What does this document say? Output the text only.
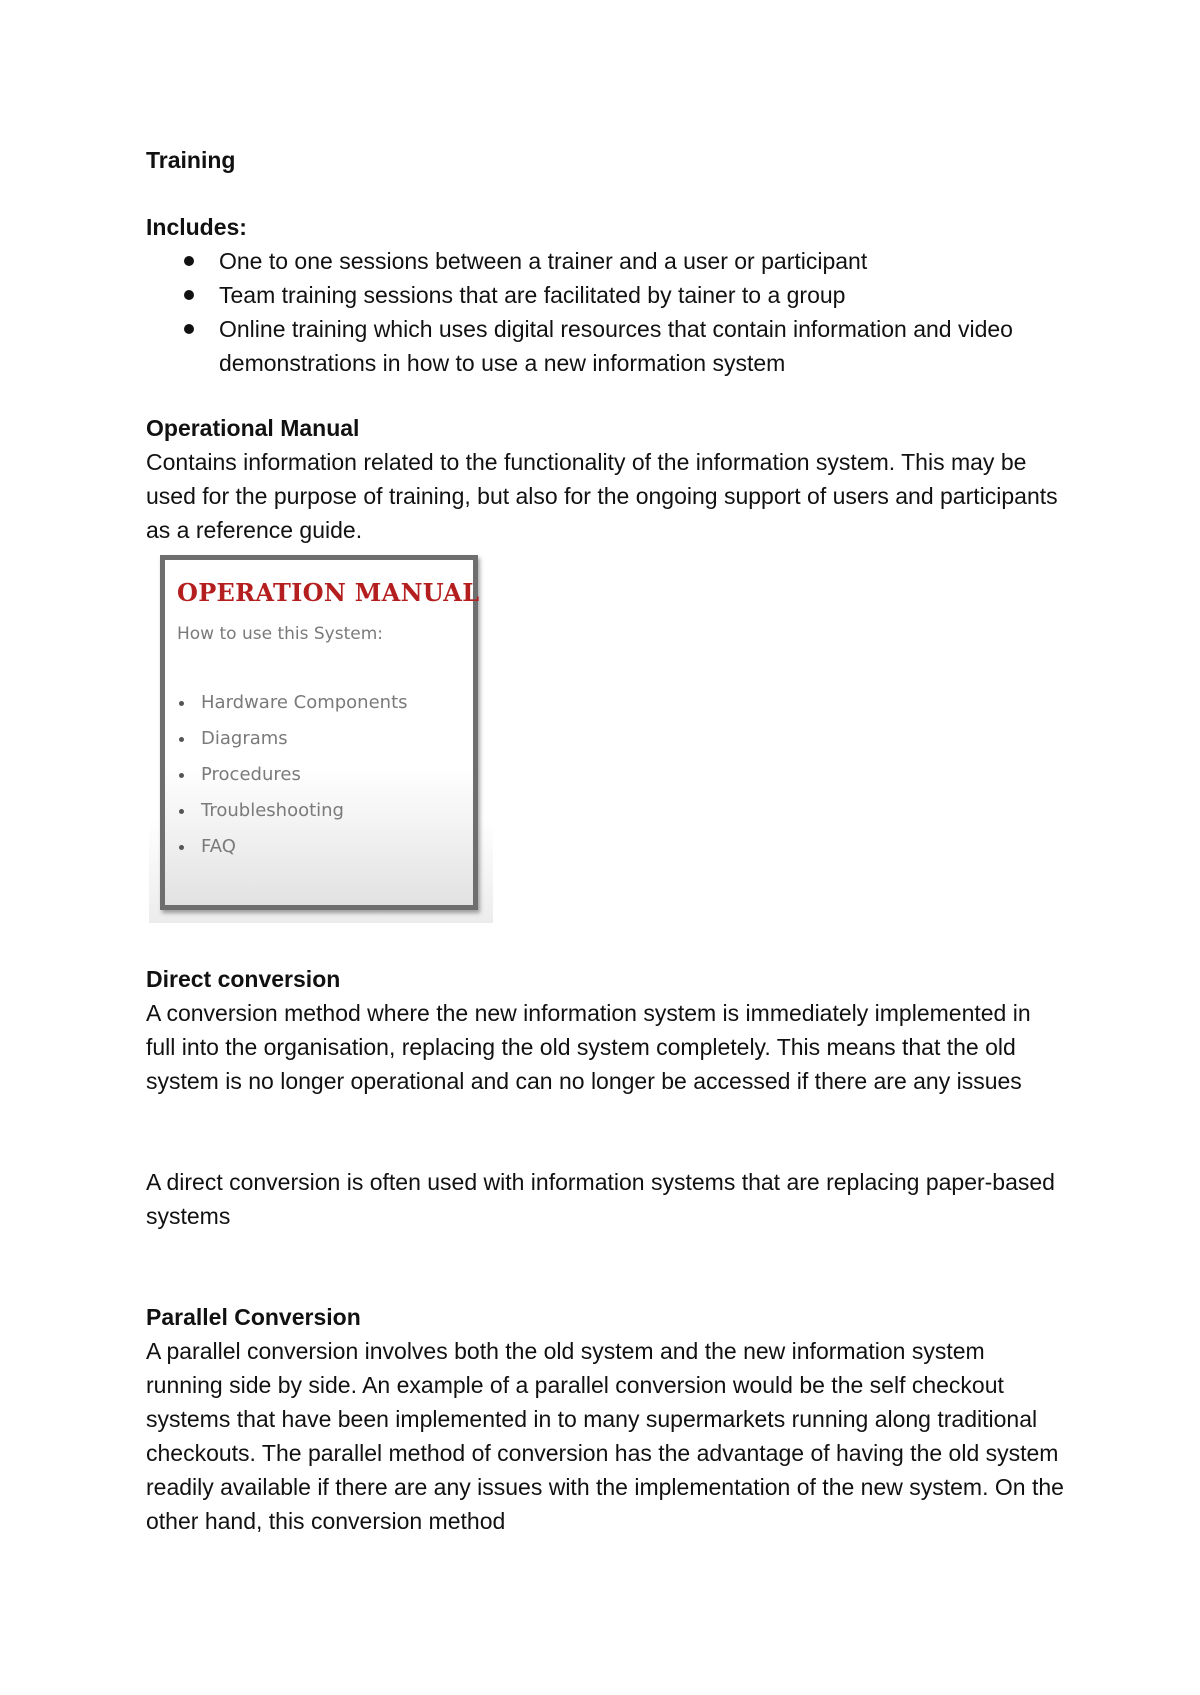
Training

Includes:

One to one sessions between a trainer and a user or participant
Team training sessions that are facilitated by tainer to a group
Online training which uses digital resources that contain information and video demonstrations in how to use a new information system
Operational Manual

Contains information related to the functionality of the information system. This may be used for the purpose of training, but also for the ongoing support of users and participants as a reference guide.

OPERATION MANUAL
How to use this System:
Hardware Components
Diagrams
Procedures
Troubleshooting
FAQ
Direct conversion

A conversion method where the new information system is immediately implemented in full into the organisation, replacing the old system completely. This means that the old system is no longer operational and can no longer be accessed if there are any issues

A direct conversion is often used with information systems that are replacing paper-based systems

Parallel Conversion

A parallel conversion involves both the old system and the new information system running side by side. An example of a parallel conversion would be the self checkout systems that have been implemented in to many supermarkets running along traditional checkouts. The parallel method of conversion has the advantage of having the old system readily available if there are any issues with the implementation of the new system. On the other hand, this conversion method
